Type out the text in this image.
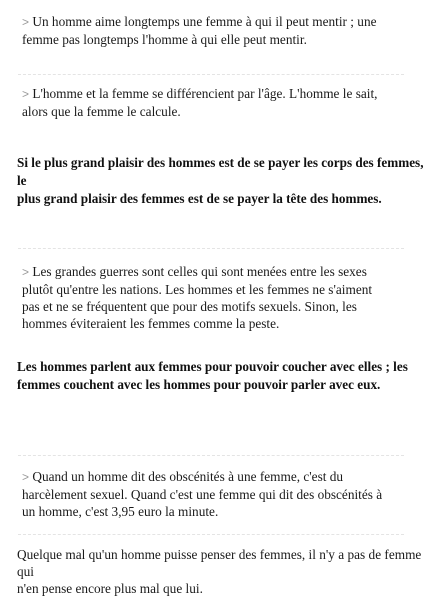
> Un homme aime longtemps une femme à qui il peut mentir ; une
femme pas longtemps l'homme à qui elle peut mentir.

> L'homme et la femme se différencient par l'âge. L'homme le sait,
alors que la femme le calcule.

Si le plus grand plaisir des hommes est de se payer les corps des femmes, le
plus grand plaisir des femmes est de se payer la tête des hommes.

> Les grandes guerres sont celles qui sont menées entre les sexes
plutôt qu'entre les nations. Les hommes et les femmes ne s'aiment
pas et ne se fréquentent que pour des motifs sexuels. Sinon, les
hommes éviteraient les femmes comme la peste.

Les hommes parlent aux femmes pour pouvoir coucher avec elles ; les
femmes couchent avec les hommes pour pouvoir parler avec eux.

> Quand un homme dit des obscénités à une femme, c'est du
harcèlement sexuel. Quand c'est une femme qui dit des obscénités à
un homme, c'est 3,95 euro la minute.

Quelque mal qu'un homme puisse penser des femmes, il n'y a pas de femme qui
n'en pense encore plus mal que lui.
